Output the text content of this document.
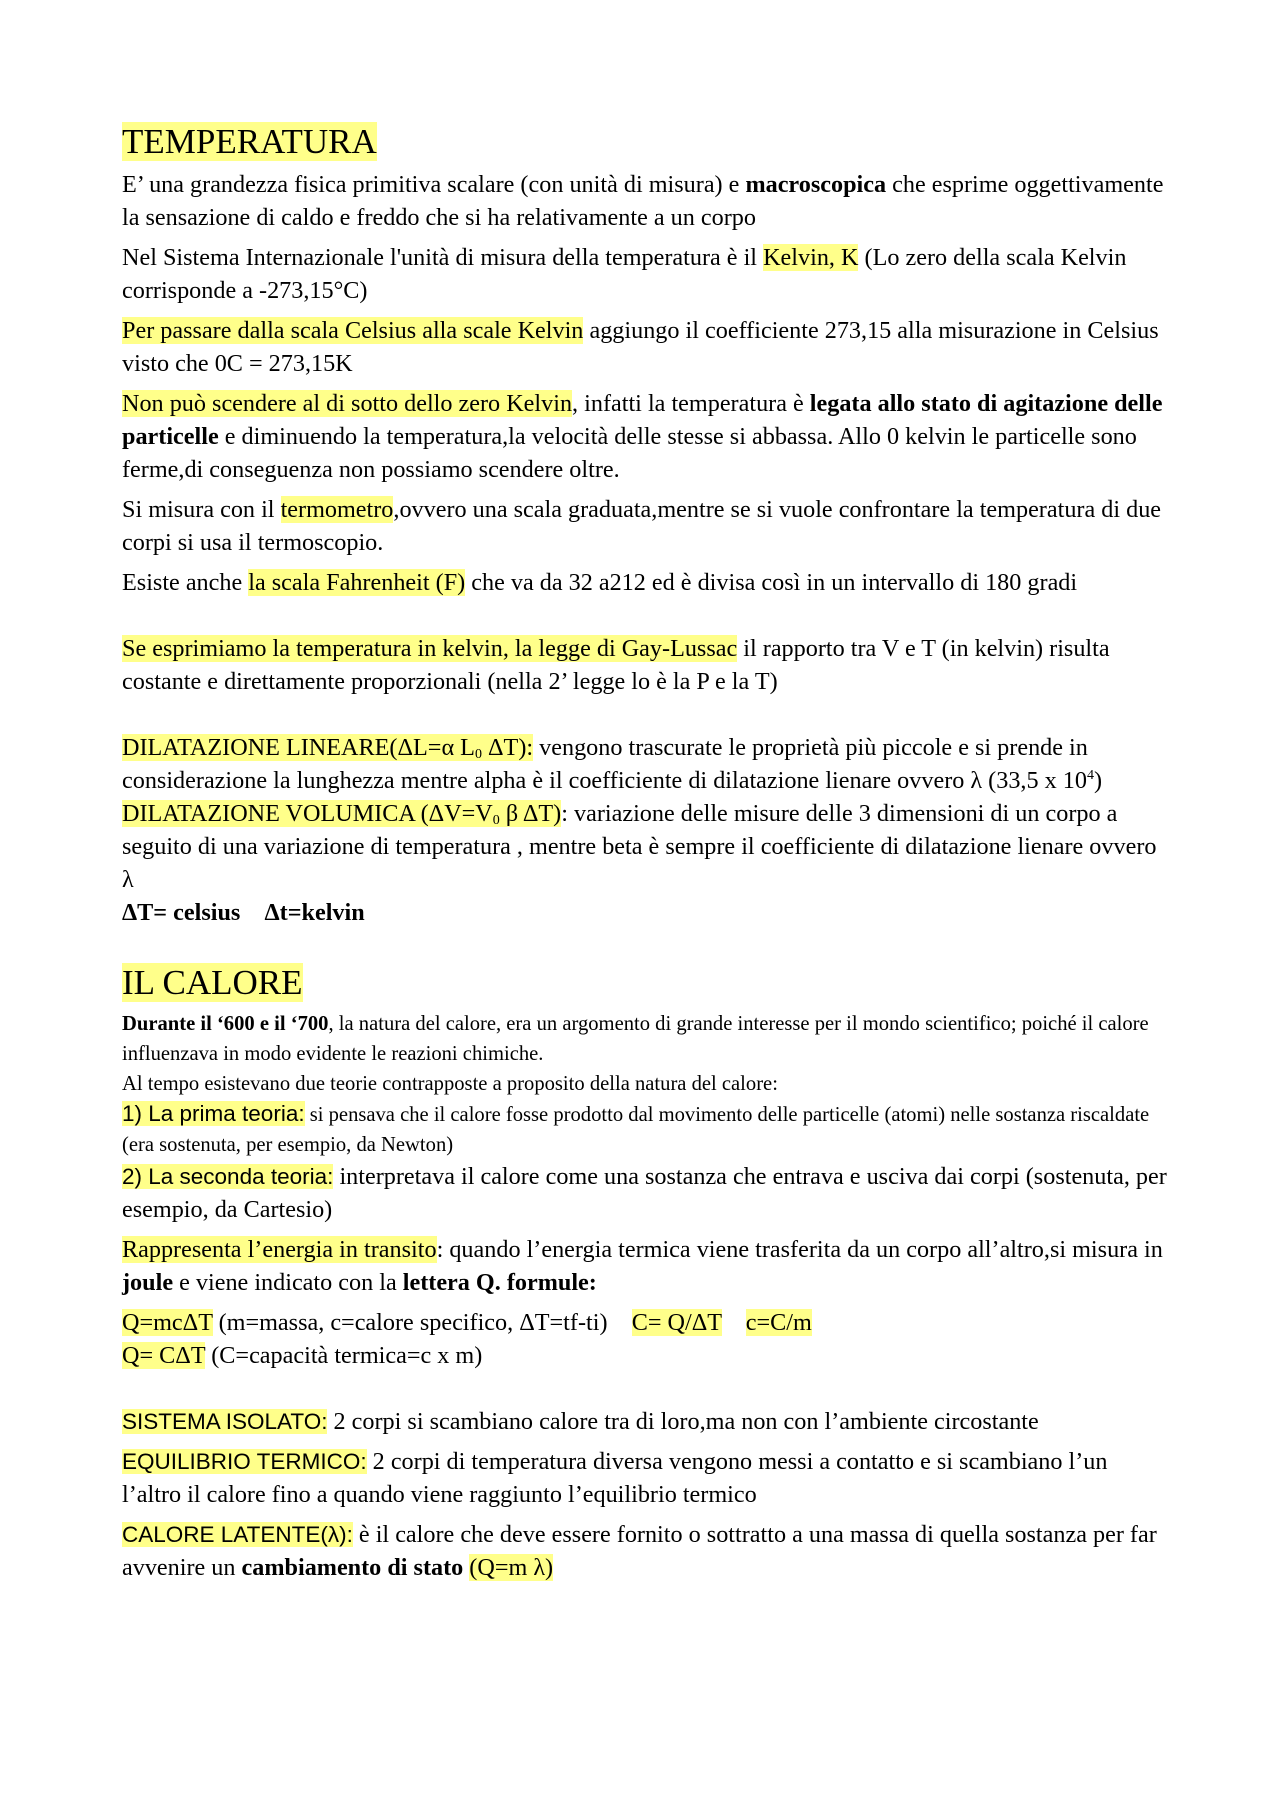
TEMPERATURA

E’ una grandezza fisica primitiva scalare (con unità di misura) e macroscopica che esprime oggettivamente la sensazione di caldo e freddo che si ha relativamente a un corpo

Nel Sistema Internazionale l'unità di misura della temperatura è il Kelvin, K (Lo zero della scala Kelvin corrisponde a -273,15°C)

Per passare dalla scala Celsius alla scale Kelvin aggiungo il coefficiente 273,15 alla misurazione in Celsius visto che 0C = 273,15K

Non può scendere al di sotto dello zero Kelvin, infatti la temperatura è legata allo stato di agitazione delle particelle e diminuendo la temperatura,la velocità delle stesse si abbassa. Allo 0 kelvin le particelle sono ferme,di conseguenza non possiamo scendere oltre.

Si misura con il termometro,ovvero una scala graduata,mentre se si vuole confrontare la temperatura di due corpi si usa il termoscopio.

Esiste anche la scala Fahrenheit (F) che va da 32 a212 ed è divisa così in un intervallo di 180 gradi

Se esprimiamo la temperatura in kelvin, la legge di Gay-Lussac il rapporto tra V e T (in kelvin) risulta costante e direttamente proporzionali (nella 2’ legge lo è la P e la T)

DILATAZIONE LINEARE(ΔL=α $L_0$ ΔT): vengono trascurate le proprietà più piccole e si prende in considerazione la lunghezza mentre alpha è il coefficiente di dilatazione lienare ovvero λ (33,5 x $10^4$)

DILATAZIONE VOLUMICA ($\Delta V=V_0$ β ΔT): variazione delle misure delle 3 dimensioni di un corpo a seguito di una variazione di temperatura , mentre beta è sempre il coefficiente di dilatazione lienare ovvero λ

ΔT= celsius    Δt=kelvin

IL CALORE

Durante il ‘600 e il ‘700, la natura del calore, era un argomento di grande interesse per il mondo scientifico; poiché il calore influenzava in modo evidente le reazioni chimiche.

Al tempo esistevano due teorie contrapposte a proposito della natura del calore:

1) La prima teoria: si pensava che il calore fosse prodotto dal movimento delle particelle (atomi) nelle sostanza riscaldate (era sostenuta, per esempio, da Newton)

2) La seconda teoria: interpretava il calore come una sostanza che entrava e usciva dai corpi (sostenuta, per esempio, da Cartesio)

Rappresenta l’energia in transito: quando l’energia termica viene trasferita da un corpo all’altro,si misura in joule e viene indicato con la lettera Q. formule:

Q=mcΔT (m=massa, c=calore specifico, ΔT=tf-ti)    C= Q/ΔT c=C/m

Q= CΔT (C=capacità termica=c x m)

SISTEMA ISOLATO: 2 corpi si scambiano calore tra di loro,ma non con l’ambiente circostante

EQUILIBRIO TERMICO: 2 corpi di temperatura diversa vengono messi a contatto e si scambiano l’un l’altro il calore fino a quando viene raggiunto l’equilibrio termico

CALORE LATENTE(λ): è il calore che deve essere fornito o sottratto a una massa di quella sostanza per far avvenire un cambiamento di stato (Q=m λ)
